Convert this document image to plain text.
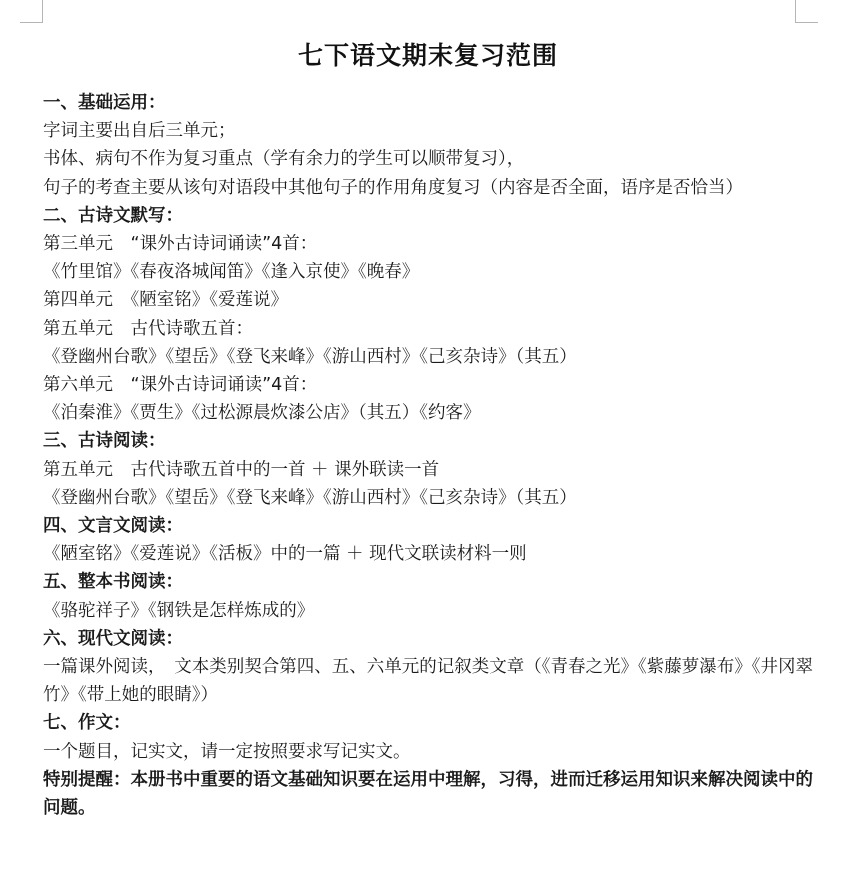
七下语文期末复习范围
一、基础运用：
字词主要出自后三单元；
书体、病句不作为复习重点（学有余力的学生可以顺带复习），
句子的考查主要从该句对语段中其他句子的作用角度复习（内容是否全面，语序是否恰当）
二、古诗文默写：
第三单元　“课外古诗词诵读”4首：
《竹里馆》《春夜洛城闻笛》《逢入京使》《晚春》
第四单元　《陋室铭》《爱莲说》
第五单元　古代诗歌五首：
《登幽州台歌》《望岳》《登飞来峰》《游山西村》《己亥杂诗》（其五）
第六单元　“课外古诗词诵读”4首：
《泊秦淮》《贾生》《过松源晨炊漆公店》（其五）《约客》
三、古诗阅读：
第五单元　古代诗歌五首中的一首 ＋ 课外联读一首
《登幽州台歌》《望岳》《登飞来峰》《游山西村》《己亥杂诗》（其五）
四、文言文阅读：
《陋室铭》《爱莲说》《活板》中的一篇 ＋ 现代文联读材料一则
五、整本书阅读：
《骆驼祥子》《钢铁是怎样炼成的》
六、现代文阅读：
一篇课外阅读，　文本类别契合第四、五、六单元的记叙类文章（《青春之光》《紫藤萝瀑布》《井冈翠竹》《带上她的眼睛》）
七、作文：
一个题目，记实文，请一定按照要求写记实文。
特别提醒：本册书中重要的语文基础知识要在运用中理解，习得，进而迁移运用知识来解决阅读中的问题。
